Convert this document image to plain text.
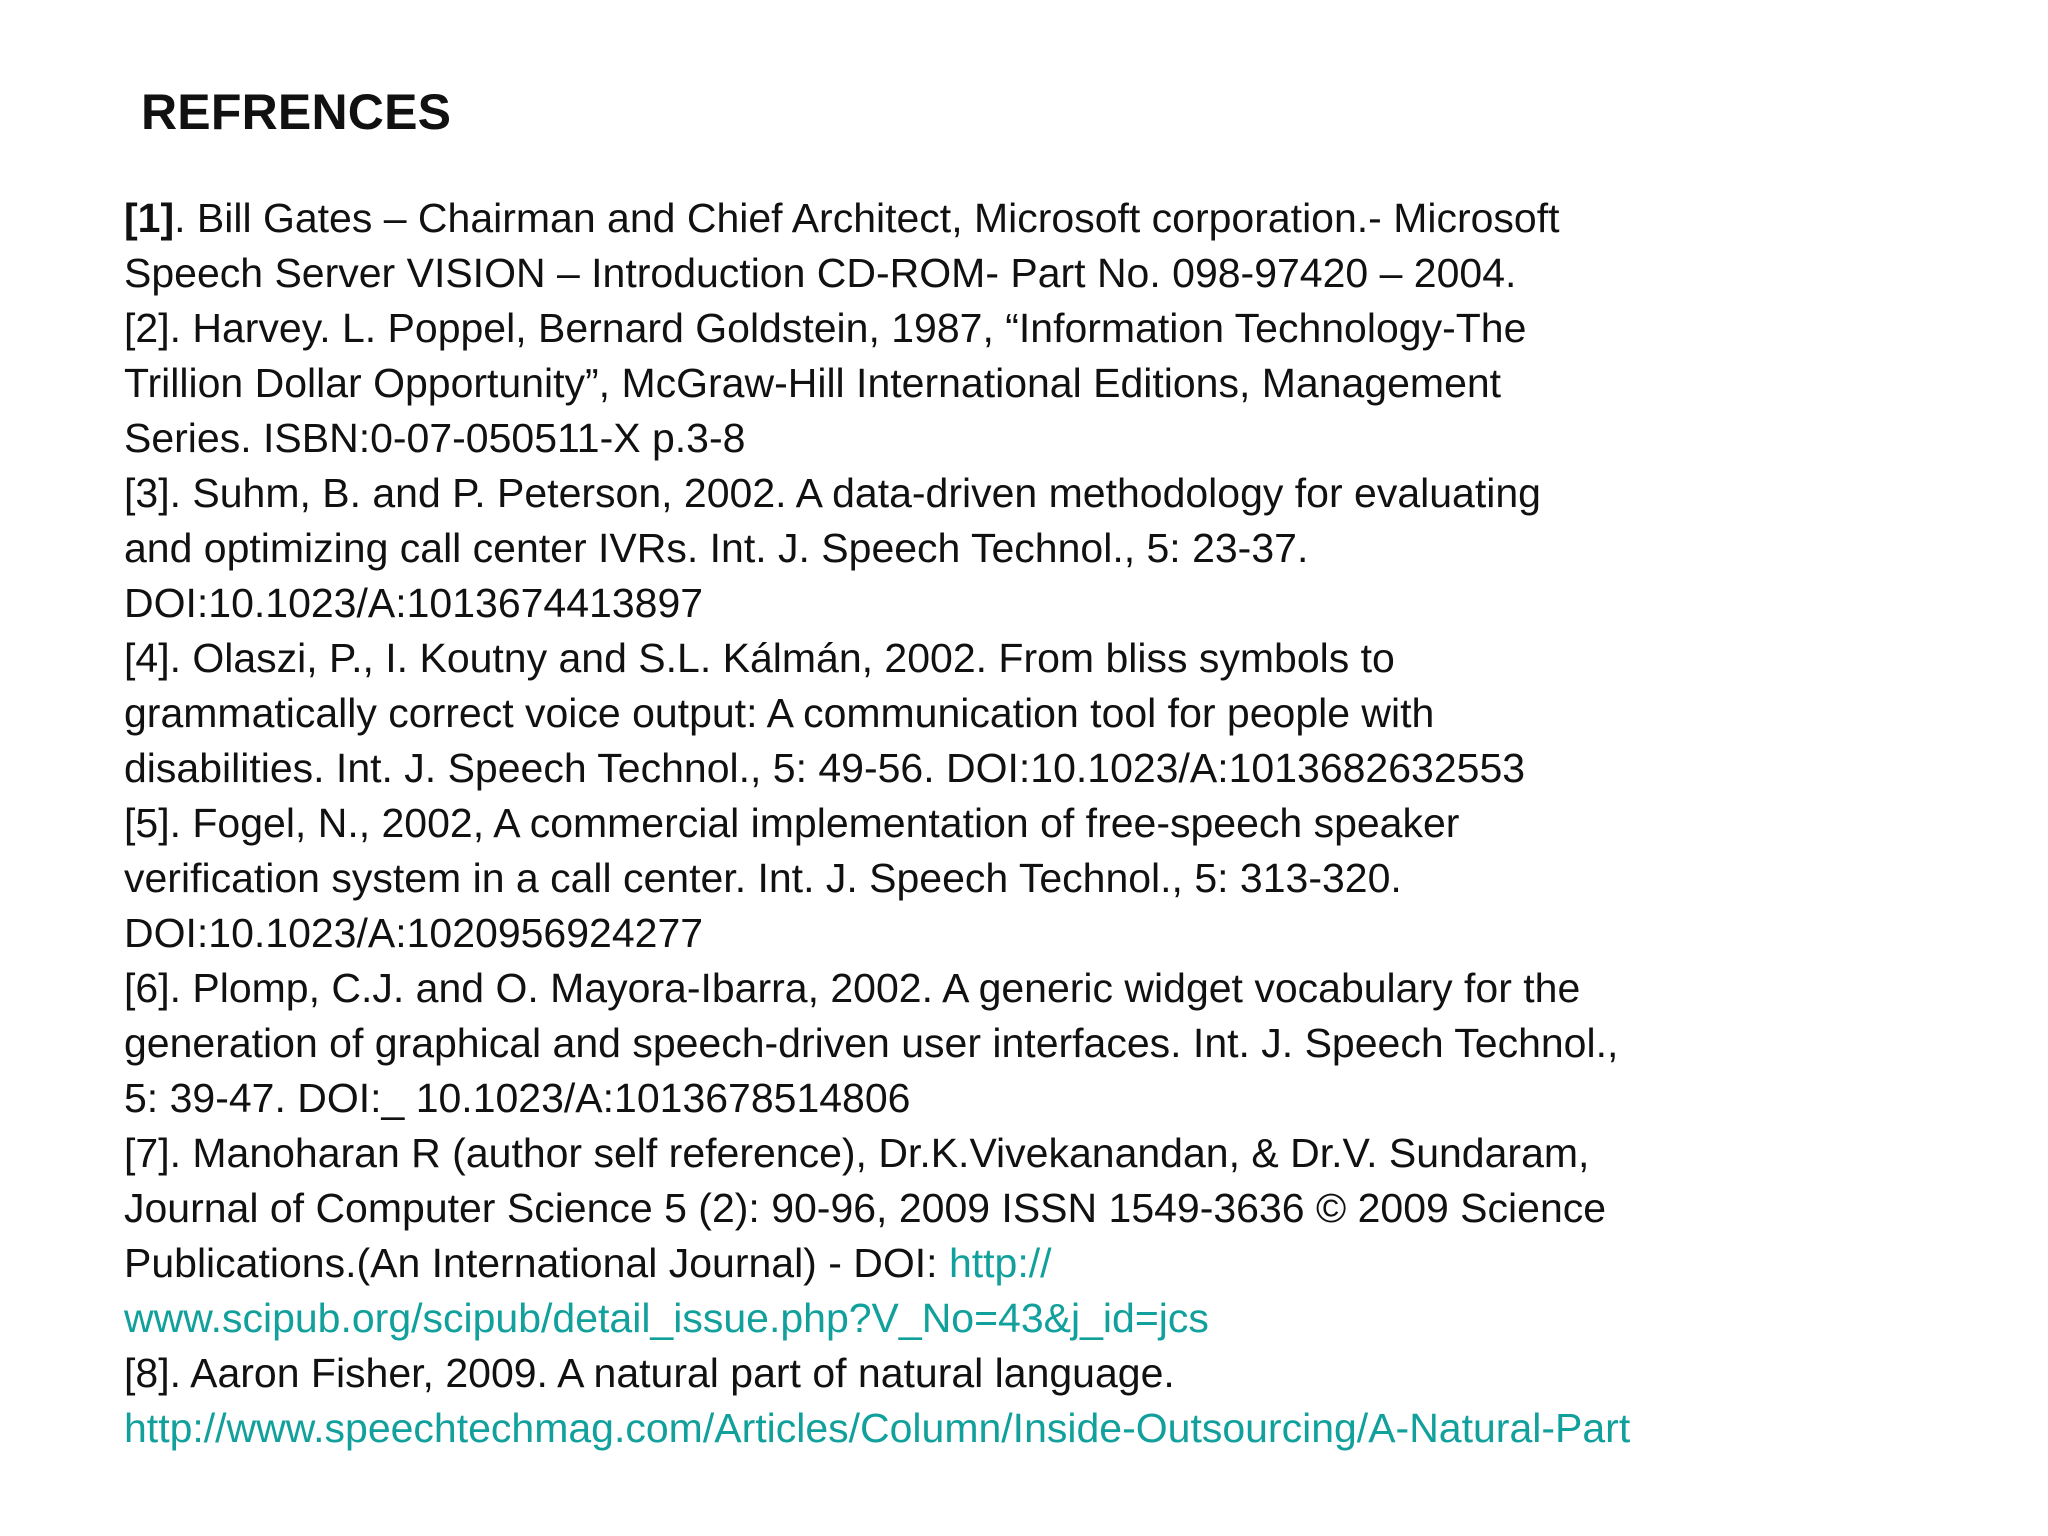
REFRENCES
[1]. Bill Gates – Chairman and Chief Architect, Microsoft corporation.- Microsoft
Speech Server VISION – Introduction CD-ROM- Part No. 098-97420 – 2004.
[2]. Harvey. L. Poppel, Bernard Goldstein, 1987, “Information Technology-The
Trillion Dollar Opportunity”, McGraw-Hill International Editions, Management
Series. ISBN:0-07-050511-X p.3-8
[3]. Suhm, B. and P. Peterson, 2002. A data-driven methodology for evaluating
and optimizing call center IVRs. Int. J. Speech Technol., 5: 23-37.
DOI:10.1023/A:1013674413897
[4]. Olaszi, P., I. Koutny and S.L. Kálmán, 2002. From bliss symbols to
grammatically correct voice output: A communication tool for people with
disabilities. Int. J. Speech Technol., 5: 49-56. DOI:10.1023/A:1013682632553
[5]. Fogel, N., 2002, A commercial implementation of free-speech speaker
verification system in a call center. Int. J. Speech Technol., 5: 313-320.
DOI:10.1023/A:1020956924277
[6]. Plomp, C.J. and O. Mayora-Ibarra, 2002. A generic widget vocabulary for the
generation of graphical and speech-driven user interfaces. Int. J. Speech Technol.,
5: 39-47. DOI:_ 10.1023/A:1013678514806
[7]. Manoharan R (author self reference), Dr.K.Vivekanandan, & Dr.V. Sundaram,
Journal of Computer Science 5 (2): 90-96, 2009 ISSN 1549-3636 © 2009 Science
Publications.(An International Journal) - DOI: http://
www.scipub.org/scipub/detail_issue.php?V_No=43&j_id=jcs
[8]. Aaron Fisher, 2009. A natural part of natural language.
http://www.speechtechmag.com/Articles/Column/Inside-Outsourcing/A-Natural-Part
